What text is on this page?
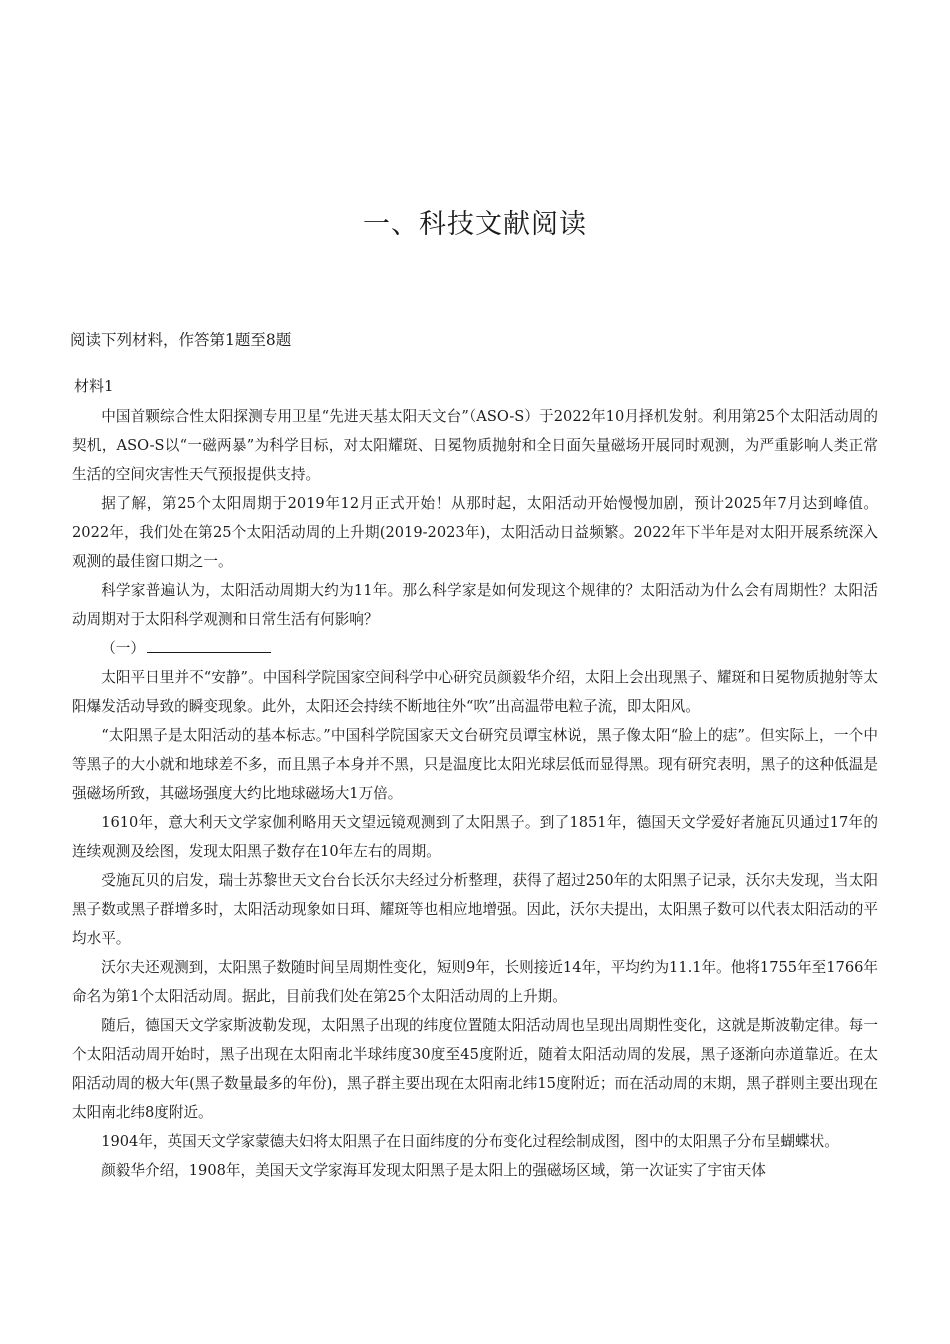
一、科技文献阅读
阅读下列材料，作答第1题至8题
材料1

中国首颗综合性太阳探测专用卫星“先进天基太阳天文台”（ASO-S）于2022年10月择机发射。利用第25个太阳活动周的契机，ASO-S以“一磁两暴”为科学目标，对太阳耀斑、日冕物质抛射和全日面矢量磁场开展同时观测，为严重影响人类正常生活的空间灾害性天气预报提供支持。

据了解，第25个太阳周期于2019年12月正式开始！从那时起，太阳活动开始慢慢加剧，预计2025年7月达到峰值。2022年，我们处在第25个太阳活动周的上升期(2019-2023年)，太阳活动日益频繁。2022年下半年是对太阳开展系统深入观测的最佳窗口期之一。

科学家普遍认为，太阳活动周期大约为11年。那么科学家是如何发现这个规律的？太阳活动为什么会有周期性？太阳活动周期对于太阳科学观测和日常生活有何影响？

（一）

太阳平日里并不“安静”。中国科学院国家空间科学中心研究员颜毅华介绍，太阳上会出现黑子、耀斑和日冕物质抛射等太阳爆发活动导致的瞬变现象。此外，太阳还会持续不断地往外“吹”出高温带电粒子流，即太阳风。

“太阳黑子是太阳活动的基本标志。”中国科学院国家天文台研究员谭宝林说，黑子像太阳“脸上的痣”。但实际上，一个中等黑子的大小就和地球差不多，而且黑子本身并不黑，只是温度比太阳光球层低而显得黑。现有研究表明，黑子的这种低温是强磁场所致，其磁场强度大约比地球磁场大1万倍。

1610年，意大利天文学家伽利略用天文望远镜观测到了太阳黑子。到了1851年，德国天文学爱好者施瓦贝通过17年的连续观测及绘图，发现太阳黑子数存在10年左右的周期。

受施瓦贝的启发，瑞士苏黎世天文台台长沃尔夫经过分析整理，获得了超过250年的太阳黑子记录，沃尔夫发现，当太阳黑子数或黑子群增多时，太阳活动现象如日珥、耀斑等也相应地增强。因此，沃尔夫提出，太阳黑子数可以代表太阳活动的平均水平。

沃尔夫还观测到，太阳黑子数随时间呈周期性变化，短则9年，长则接近14年，平均约为11.1年。他将1755年至1766年命名为第1个太阳活动周。据此，目前我们处在第25个太阳活动周的上升期。

随后，德国天文学家斯波勒发现，太阳黑子出现的纬度位置随太阳活动周也呈现出周期性变化，这就是斯波勒定律。每一个太阳活动周开始时，黑子出现在太阳南北半球纬度30度至45度附近，随着太阳活动周的发展，黑子逐渐向赤道靠近。在太阳活动周的极大年(黑子数量最多的年份)，黑子群主要出现在太阳南北纬15度附近；而在活动周的末期，黑子群则主要出现在太阳南北纬8度附近。

1904年，英国天文学家蒙德夫妇将太阳黑子在日面纬度的分布变化过程绘制成图，图中的太阳黑子分布呈蝴蝶状。

颜毅华介绍，1908年，美国天文学家海耳发现太阳黑子是太阳上的强磁场区域，第一次证实了宇宙天体
